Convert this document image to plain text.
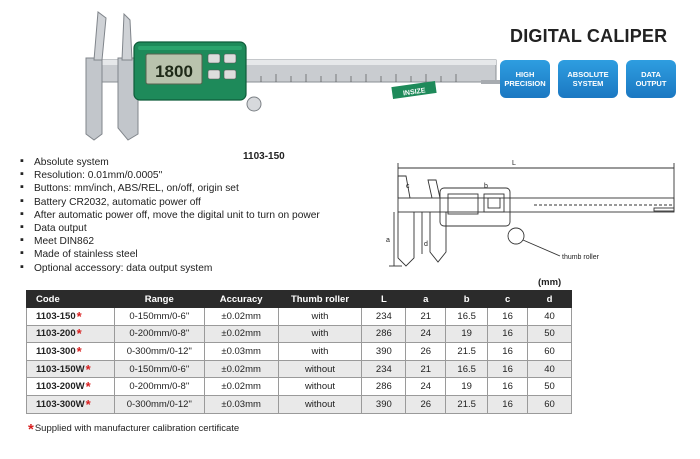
1800
INSIZE
1103-150
DIGITAL CALIPER
HIGH
PRECISION
ABSOLUTE
SYSTEM
DATA
OUTPUT
▪ Absolute system
▪ Resolution: 0.01mm/0.0005"
▪ Buttons: mm/inch, ABS/REL, on/off, origin set
▪ Battery CR2032, automatic power off
▪ After automatic power off, move the digital unit to turn on power
▪ Data output
▪ Meet DIN862
▪ Made of stainless steel
▪ Optional accessory: data output system
L
a
d
b
c
thumb roller
(mm)
Code	Range	Accuracy	Thumb roller	L	a	b	c	d
1103-150*	0-150mm/0-6"	±0.02mm	with	234	21	16.5	16	40
1103-200*	0-200mm/0-8"	±0.02mm	with	286	24	19	16	50
1103-300*	0-300mm/0-12"	±0.03mm	with	390	26	21.5	16	60
1103-150W*	0-150mm/0-6"	±0.02mm	without	234	21	16.5	16	40
1103-200W*	0-200mm/0-8"	±0.02mm	without	286	24	19	16	50
1103-300W*	0-300mm/0-12"	±0.03mm	without	390	26	21.5	16	60
*Supplied with manufacturer calibration certificate
